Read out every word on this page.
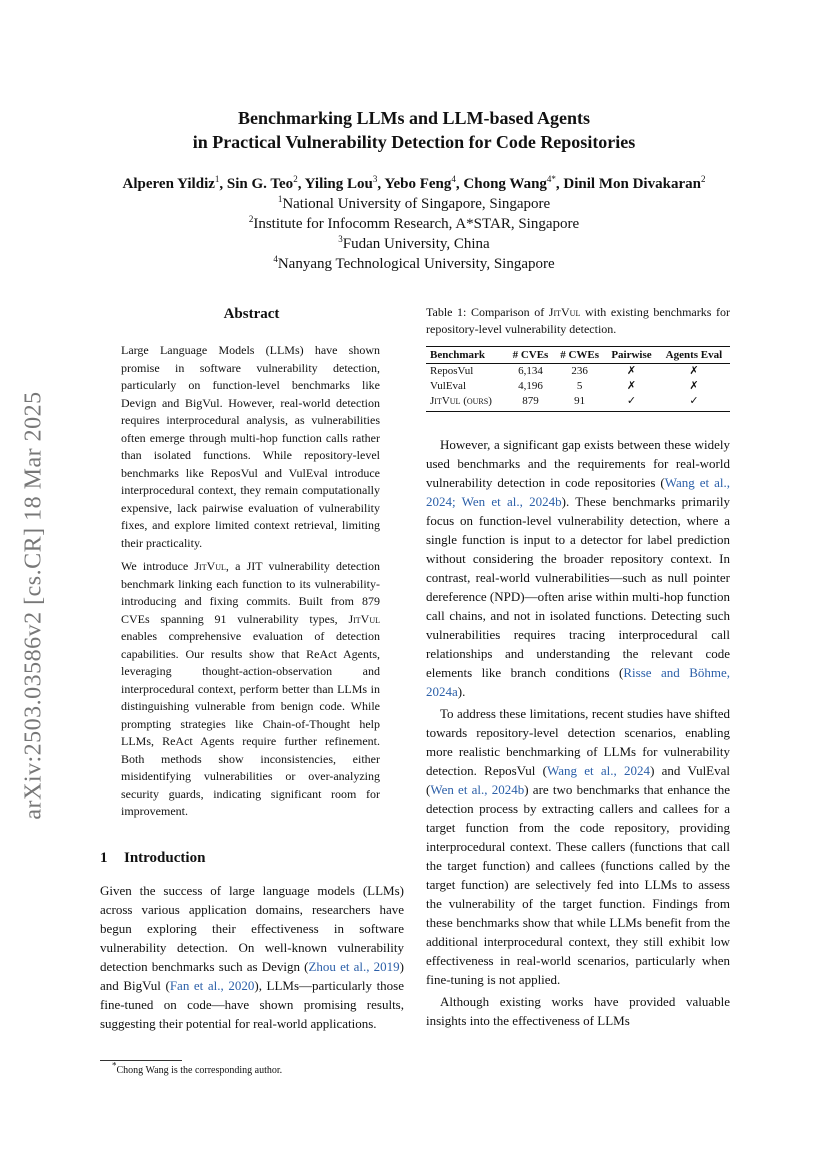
arXiv:2503.03586v2 [cs.CR] 18 Mar 2025
Benchmarking LLMs and LLM-based Agents
in Practical Vulnerability Detection for Code Repositories
Alperen Yildiz$^1$, Sin G. Teo$^2$, Yiling Lou$^3$, Yebo Feng$^4$, Chong Wang$^{4*}$, Dinil Mon Divakaran$^2$
$^1$National University of Singapore, Singapore
$^2$Institute for Infocomm Research, A*STAR, Singapore
$^3$Fudan University, China
$^4$Nanyang Technological University, Singapore
Abstract

Large Language Models (LLMs) have shown promise in software vulnerability detection, particularly on function-level benchmarks like Devign and BigVul. However, real-world detection requires interprocedural analysis, as vulnerabilities often emerge through multi-hop function calls rather than isolated functions. While repository-level benchmarks like ReposVul and VulEval introduce interprocedural context, they remain computationally expensive, lack pairwise evaluation of vulnerability fixes, and explore limited context retrieval, limiting their practicality.

We introduce JitVul, a JIT vulnerability detection benchmark linking each function to its vulnerability-introducing and fixing commits. Built from 879 CVEs spanning 91 vulnerability types, JitVul enables comprehensive evaluation of detection capabilities. Our results show that ReAct Agents, leveraging thought-action-observation and interprocedural context, perform better than LLMs in distinguishing vulnerable from benign code. While prompting strategies like Chain-of-Thought help LLMs, ReAct Agents require further refinement. Both methods show inconsistencies, either misidentifying vulnerabilities or over-analyzing security guards, indicating significant room for improvement.

1 Introduction
Given the success of large language models (LLMs) across various application domains, researchers have begun exploring their effectiveness in software vulnerability detection. On well-known vulnerability detection benchmarks such as Devign (Zhou et al., 2019) and BigVul (Fan et al., 2020), LLMs—particularly those fine-tuned on code—have shown promising results, suggesting their potential for real-world applications.
*Chong Wang is the corresponding author.
Table 1: Comparison of JitVul with existing benchmarks for repository-level vulnerability detection.
Benchmark	# CVEs	# CWEs	Pairwise	Agents Eval
ReposVul	6,134	236	✗	✗
VulEval	4,196	5	✗	✗
JitVul (ours)	879	91	✓	✓

However, a significant gap exists between these widely used benchmarks and the requirements for real-world vulnerability detection in code repositories (Wang et al., 2024; Wen et al., 2024b). These benchmarks primarily focus on function-level vulnerability detection, where a single function is input to a detector for label prediction without considering the broader repository context. In contrast, real-world vulnerabilities—such as null pointer dereference (NPD)—often arise within multi-hop function call chains, and not in isolated functions. Detecting such vulnerabilities requires tracing interprocedural call relationships and understanding the relevant code elements like branch conditions (Risse and Böhme, 2024a).

To address these limitations, recent studies have shifted towards repository-level detection scenarios, enabling more realistic benchmarking of LLMs for vulnerability detection. ReposVul (Wang et al., 2024) and VulEval (Wen et al., 2024b) are two benchmarks that enhance the detection process by extracting callers and callees for a target function from the code repository, providing interprocedural context. These callers (functions that call the target function) and callees (functions called by the target function) are selectively fed into LLMs to assess the vulnerability of the target function. Findings from these benchmarks show that while LLMs benefit from the additional interprocedural context, they still exhibit low effectiveness in real-world scenarios, particularly when fine-tuning is not applied.

Although existing works have provided valuable insights into the effectiveness of LLMs
